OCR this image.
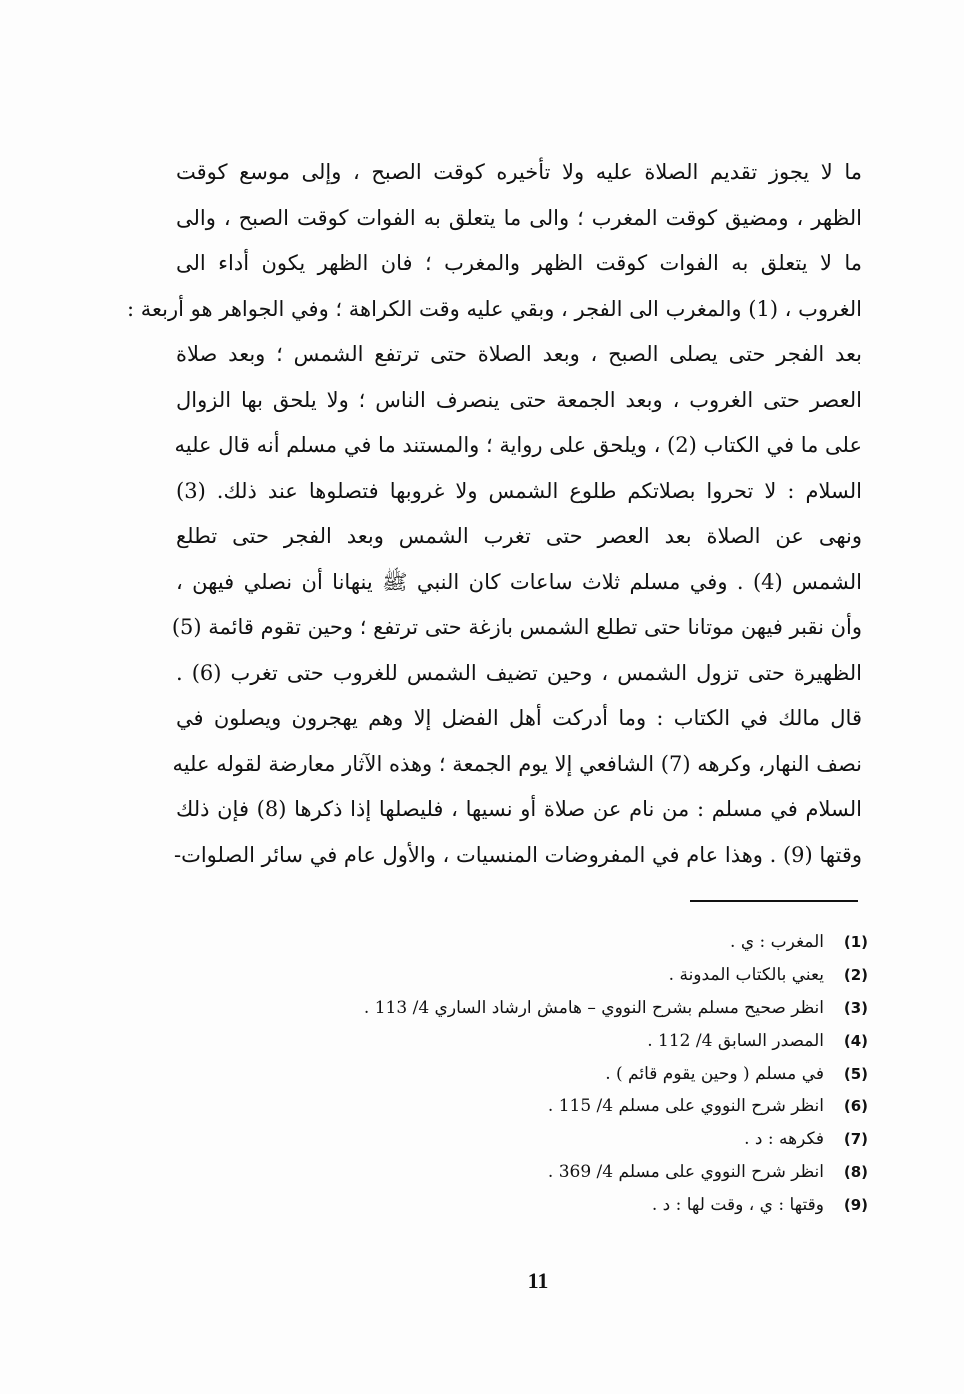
ما لا يجوز تقديم الصلاة عليه ولا تأخيره كوقت الصبح ، وإلى موسع كوقت
الظهر ، ومضيق كوقت المغرب ؛ والى ما يتعلق به الفوات كوقت الصبح ، والى
ما لا يتعلق به الفوات كوقت الظهر والمغرب ؛ فان الظهر يكون أداء الى
الغروب ، (1) والمغرب الى الفجر ، وبقي عليه وقت الكراهة ؛ وفي الجواهر هو أربعة :
بعد الفجر حتى يصلى الصبح ، وبعد الصلاة حتى ترتفع الشمس ؛ وبعد صلاة
العصر حتى الغروب ، وبعد الجمعة حتى ينصرف الناس ؛ ولا يلحق بها الزوال
على ما في الكتاب (2) ، ويلحق على رواية ؛ والمستند ما في مسلم أنه قال عليه
السلام : لا تحروا بصلاتكم طلوع الشمس ولا غروبها فتصلوها عند ذلك. (3)
ونهى عن الصلاة بعد العصر حتى تغرب الشمس وبعد الفجر حتى تطلع
الشمس (4) . وفي مسلم ثلاث ساعات كان النبي ﷺ ينهانا أن نصلي فيهن ،
وأن نقبر فيهن موتانا حتى تطلع الشمس بازغة حتى ترتفع ؛ وحين تقوم قائمة (5)
الظهيرة حتى تزول الشمس ، وحين تضيف الشمس للغروب حتى تغرب (6) .
قال مالك في الكتاب : وما أدركت أهل الفضل إلا وهم يهجرون ويصلون في
نصف النهار، وكرهه (7) الشافعي إلا يوم الجمعة ؛ وهذه الآثار معارضة لقوله عليه
السلام في مسلم : من نام عن صلاة أو نسيها ، فليصلها إذا ذكرها (8) فإن ذلك
وقتها (9) . وهذا عام في المفروضات المنسيات ، والأول عام في سائر الصلوات-
(1)
المغرب : ي .
(2)
يعني بالكتاب المدونة .
(3)
انظر صحيح مسلم بشرح النووي – هامش ارشاد الساري 4/ 113 .
(4)
المصدر السابق 4/ 112 .
(5)
في مسلم ( وحين يقوم قائم ) .
(6)
انظر شرح النووي على مسلم 4/ 115 .
(7)
فكرهه : د .
(8)
انظر شرح النووي على مسلم 4/ 369 .
(9)
وقتها : ي ، وقت لها : د .
11
